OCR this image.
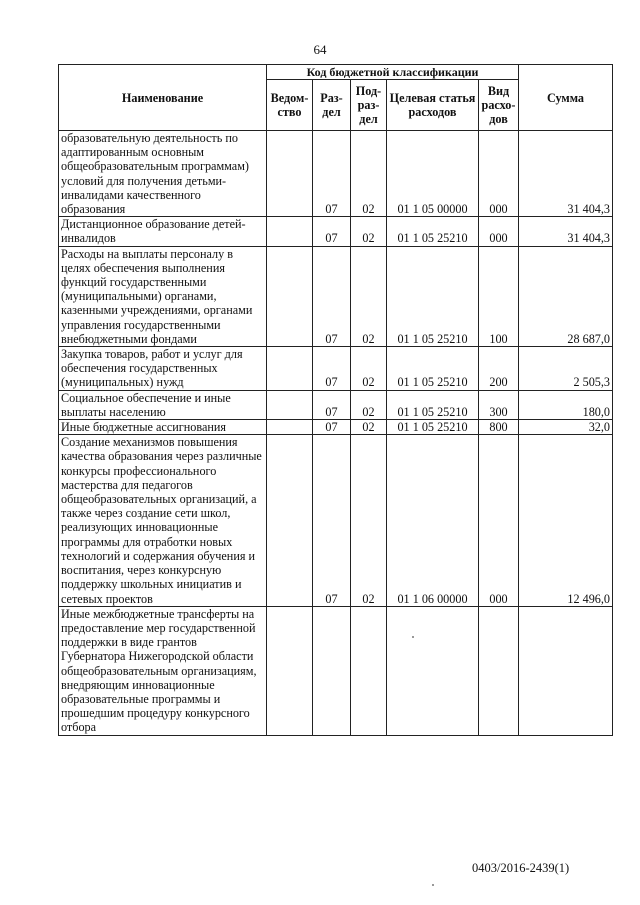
64
Наименование	Код бюджетной классификации					Сумма
	Ведом-ство	Раз-дел	Под-раз-дел	Целевая статья расходов	Вид расхо-дов	
образовательную деятельность по адаптированным основным общеобразовательным программам) условий для получения детьми-инвалидами качественного образования		07	02	01 1 05 00000	000	31 404,3
Дистанционное образование детей-инвалидов		07	02	01 1 05 25210	000	31 404,3
Расходы на выплаты персоналу в целях обеспечения выполнения функций государственными (муниципальными) органами, казенными учреждениями, органами управления государственными внебюджетными фондами		07	02	01 1 05 25210	100	28 687,0
Закупка товаров, работ и услуг для обеспечения государственных (муниципальных) нужд		07	02	01 1 05 25210	200	2 505,3
Социальное обеспечение и иные выплаты населению		07	02	01 1 05 25210	300	180,0
Иные бюджетные ассигнования		07	02	01 1 05 25210	800	32,0
Создание механизмов повышения качества образования через различные конкурсы профессионального мастерства для педагогов общеобразовательных организаций, а также через создание сети школ, реализующих инновационные программы для отработки новых технологий и содержания обучения и воспитания, через конкурсную поддержку школьных инициатив и сетевых проектов		07	02	01 1 06 00000	000	12 496,0
Иные межбюджетные трансферты на предоставление мер государственной поддержки в виде грантов Губернатора Нижегородской области общеобразовательным организациям, внедряющим инновационные образовательные программы и прошедшим процедуру конкурсного отбора						
0403/2016-2439(1)
